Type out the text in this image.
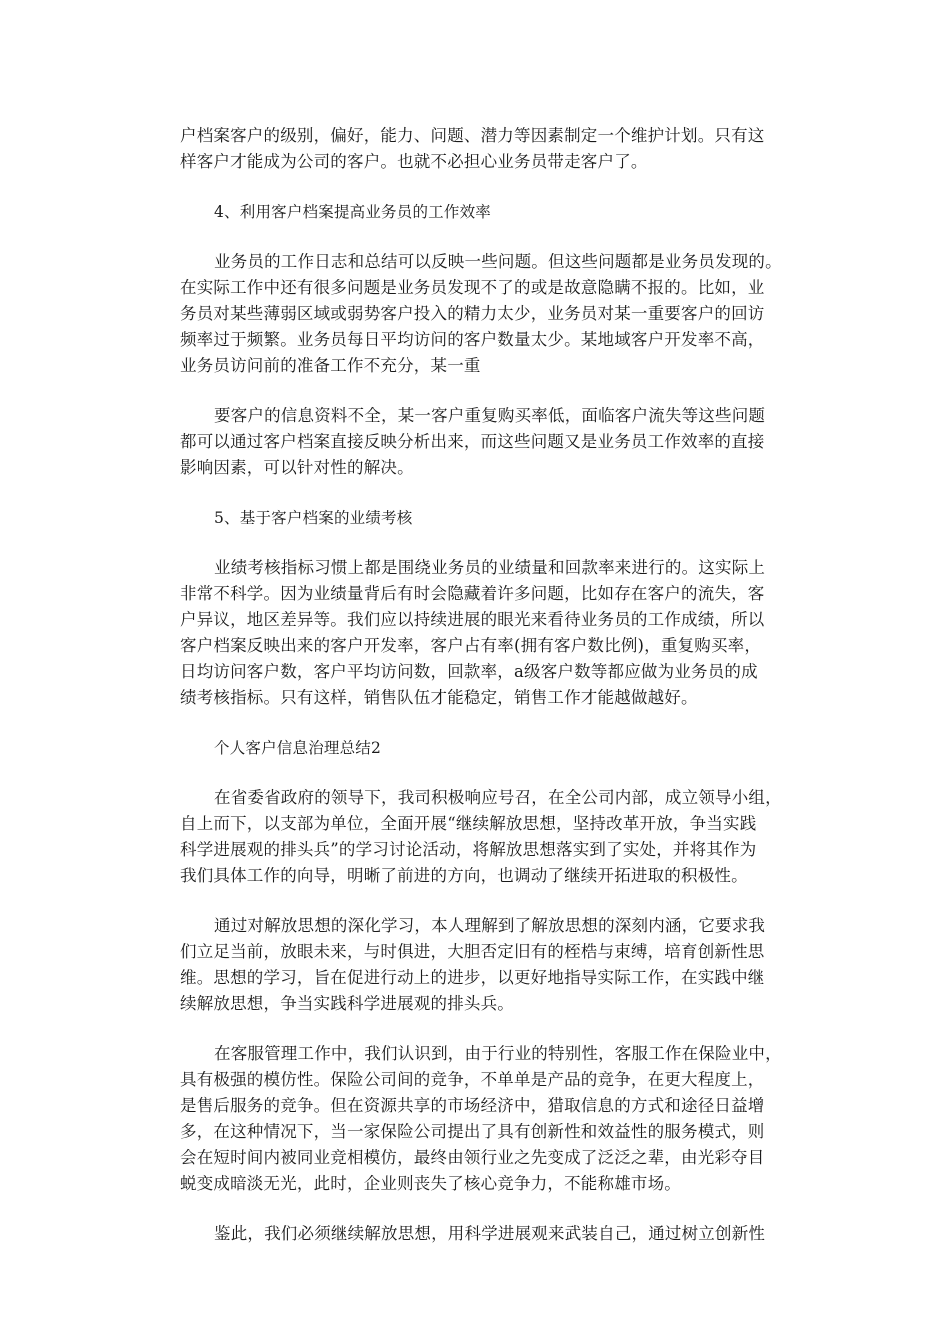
户档案客户的级别，偏好，能力、问题、潜力等因素制定一个维护计划。只有这
样客户才能成为公司的客户。也就不必担心业务员带走客户了。
4、利用客户档案提高业务员的工作效率
业务员的工作日志和总结可以反映一些问题。但这些问题都是业务员发现的。
在实际工作中还有很多问题是业务员发现不了的或是故意隐瞒不报的。比如，业
务员对某些薄弱区域或弱势客户投入的精力太少，业务员对某一重要客户的回访
频率过于频繁。业务员每日平均访问的客户数量太少。某地域客户开发率不高，
业务员访问前的准备工作不充分，某一重
要客户的信息资料不全，某一客户重复购买率低，面临客户流失等这些问题
都可以通过客户档案直接反映分析出来，而这些问题又是业务员工作效率的直接
影响因素，可以针对性的解决。
5、基于客户档案的业绩考核
业绩考核指标习惯上都是围绕业务员的业绩量和回款率来进行的。这实际上
非常不科学。因为业绩量背后有时会隐藏着许多问题，比如存在客户的流失，客
户异议，地区差异等。我们应以持续进展的眼光来看待业务员的工作成绩，所以
客户档案反映出来的客户开发率，客户占有率(拥有客户数比例)，重复购买率，
日均访问客户数，客户平均访问数，回款率，a级客户数等都应做为业务员的成
绩考核指标。只有这样，销售队伍才能稳定，销售工作才能越做越好。
个人客户信息治理总结2
在省委省政府的领导下，我司积极响应号召，在全公司内部，成立领导小组，
自上而下，以支部为单位，全面开展“继续解放思想，坚持改革开放，争当实践
科学进展观的排头兵”的学习讨论活动，将解放思想落实到了实处，并将其作为
我们具体工作的向导，明晰了前进的方向，也调动了继续开拓进取的积极性。
通过对解放思想的深化学习，本人理解到了解放思想的深刻内涵，它要求我
们立足当前，放眼未来，与时俱进，大胆否定旧有的桎梏与束缚，培育创新性思
维。思想的学习，旨在促进行动上的进步，以更好地指导实际工作，在实践中继
续解放思想，争当实践科学进展观的排头兵。
在客服管理工作中，我们认识到，由于行业的特别性，客服工作在保险业中，
具有极强的模仿性。保险公司间的竞争，不单单是产品的竞争，在更大程度上，
是售后服务的竞争。但在资源共享的市场经济中，猎取信息的方式和途径日益增
多，在这种情况下，当一家保险公司提出了具有创新性和效益性的服务模式，则
会在短时间内被同业竞相模仿，最终由领行业之先变成了泛泛之辈，由光彩夺目
蜕变成暗淡无光，此时，企业则丧失了核心竞争力，不能称雄市场。
鉴此，我们必须继续解放思想，用科学进展观来武装自己，通过树立创新性
